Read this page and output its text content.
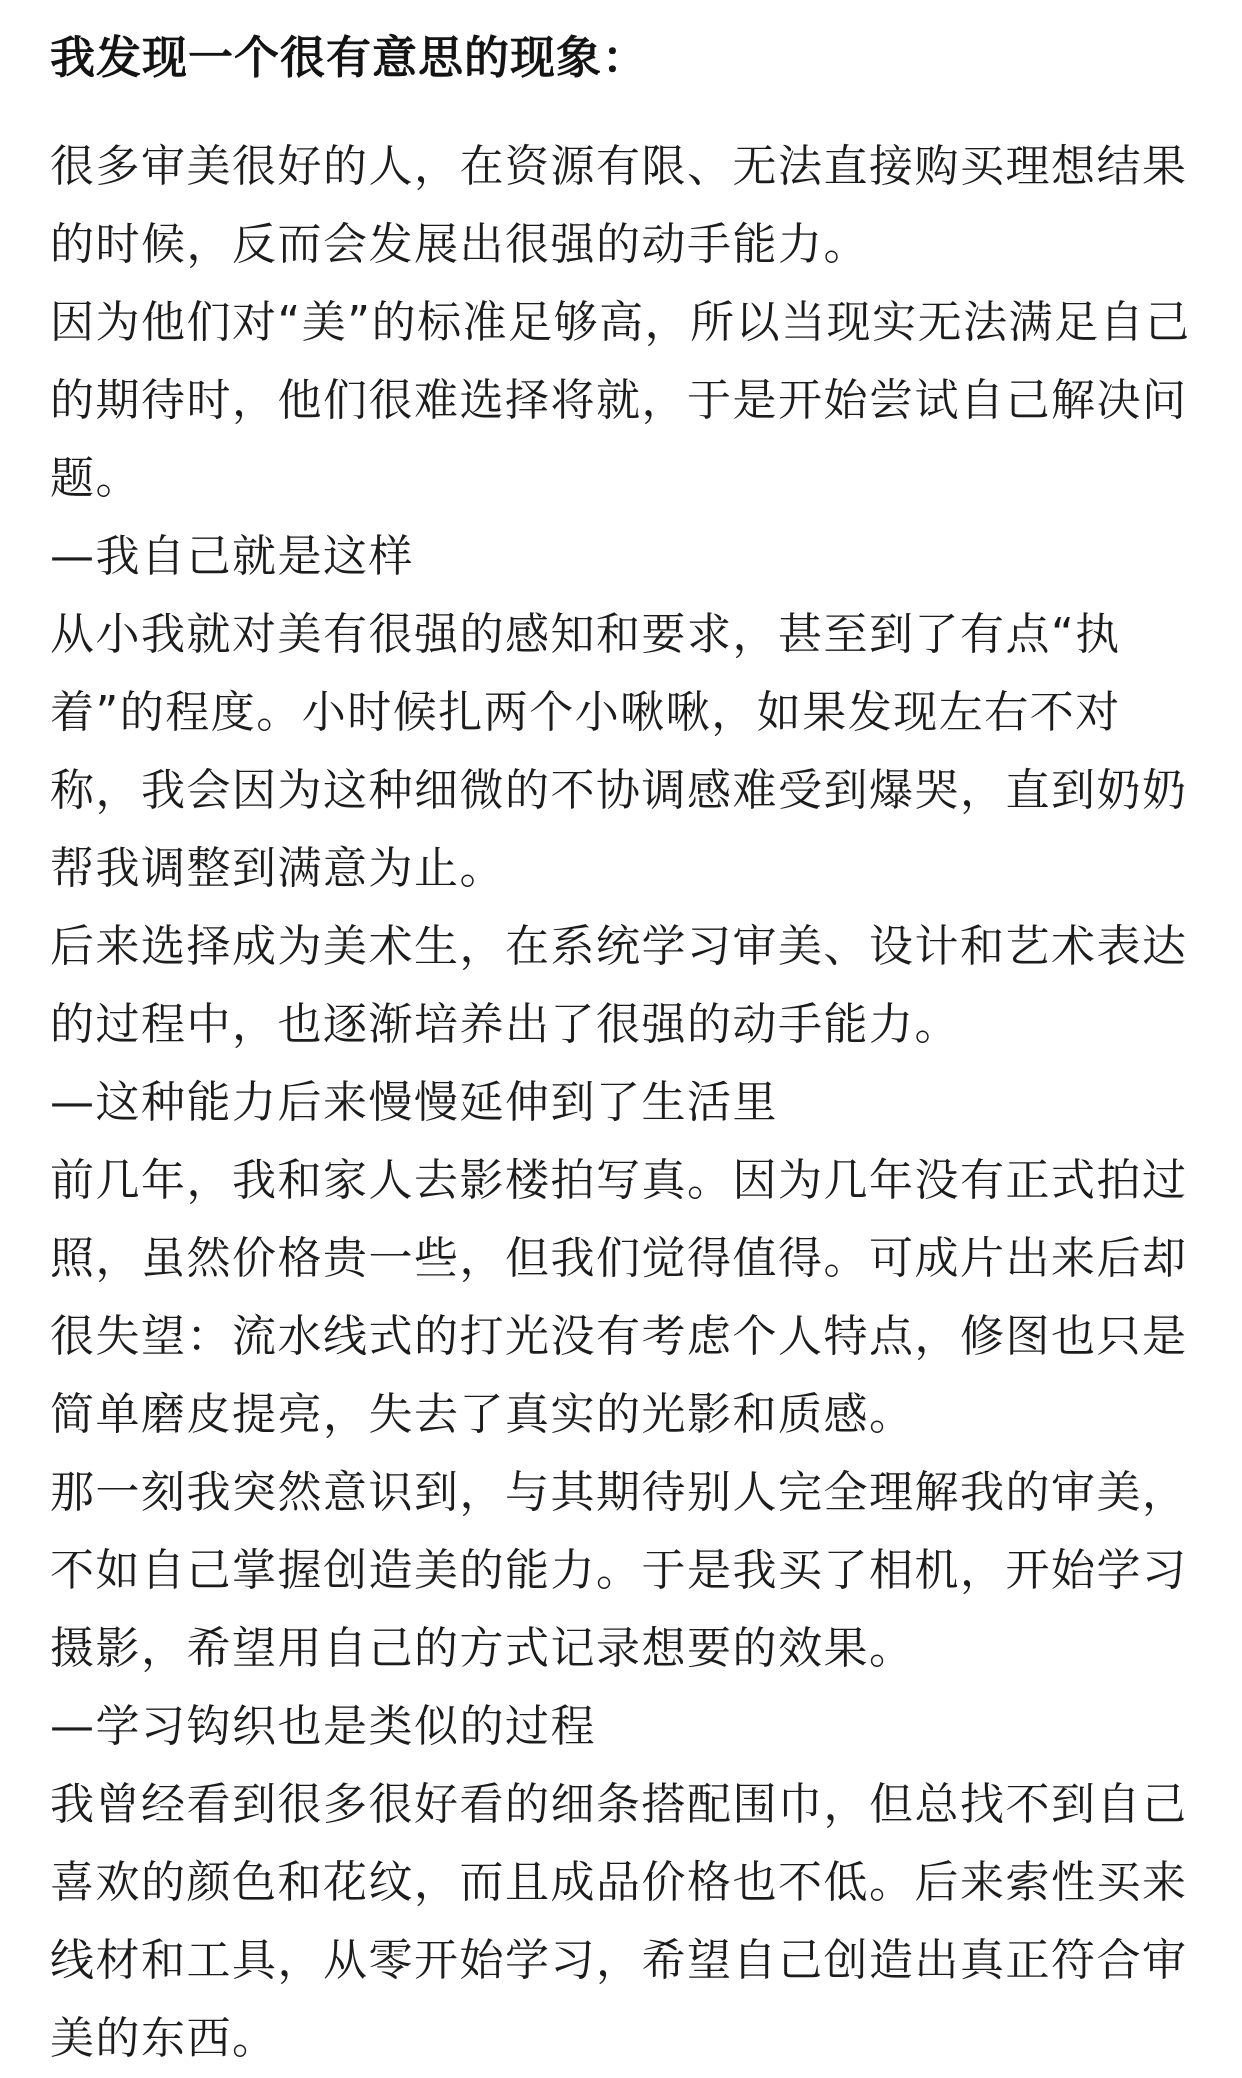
我发现一个很有意思的现象：

很多审美很好的人，在资源有限、无法直接购买理想结果的时候，反而会发展出很强的动手能力。

因为他们对“美”的标准足够高，所以当现实无法满足自己的期待时，他们很难选择将就，于是开始尝试自己解决问题。

—我自己就是这样

从小我就对美有很强的感知和要求，甚至到了有点“执着”的程度。小时候扎两个小啾啾，如果发现左右不对称，我会因为这种细微的不协调感难受到爆哭，直到奶奶帮我调整到满意为止。

后来选择成为美术生，在系统学习审美、设计和艺术表达的过程中，也逐渐培养出了很强的动手能力。

—这种能力后来慢慢延伸到了生活里

前几年，我和家人去影楼拍写真。因为几年没有正式拍过照，虽然价格贵一些，但我们觉得值得。可成片出来后却很失望：流水线式的打光没有考虑个人特点，修图也只是简单磨皮提亮，失去了真实的光影和质感。

那一刻我突然意识到，与其期待别人完全理解我的审美，不如自己掌握创造美的能力。于是我买了相机，开始学习摄影，希望用自己的方式记录想要的效果。

—学习钩织也是类似的过程

我曾经看到很多很好看的细条搭配围巾，但总找不到自己喜欢的颜色和花纹，而且成品价格也不低。后来索性买来线材和工具，从零开始学习，希望自己创造出真正符合审美的东西。
